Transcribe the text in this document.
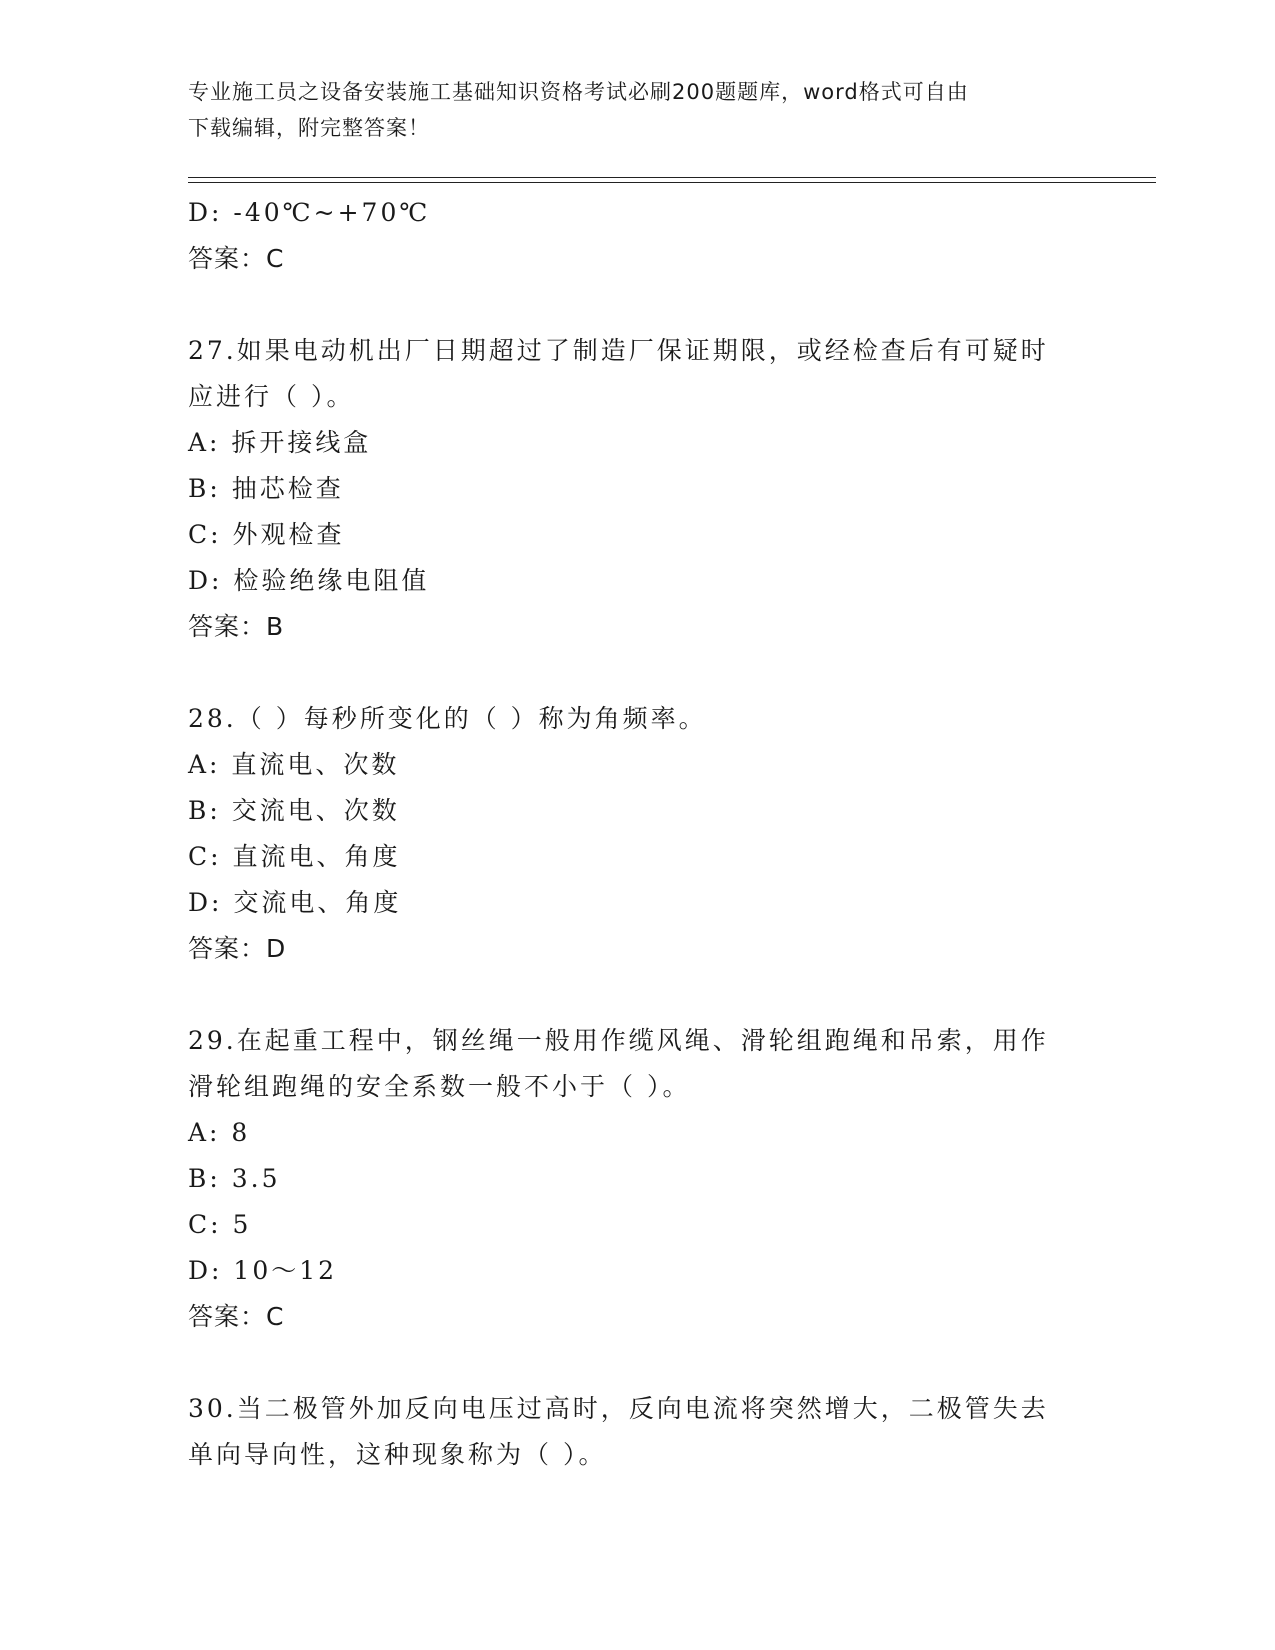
专业施工员之设备安装施工基础知识资格考试必刷200题题库，word格式可自由
下载编辑，附完整答案！
D: -40℃~+70℃
答案：C
27.如果电动机出厂日期超过了制造厂保证期限，或经检查后有可疑时
应进行（ ）。
A: 拆开接线盒
B: 抽芯检查
C: 外观检查
D: 检验绝缘电阻值
答案：B
28.（ ）每秒所变化的（ ）称为角频率。
A: 直流电、次数
B: 交流电、次数
C: 直流电、角度
D: 交流电、角度
答案：D
29.在起重工程中，钢丝绳一般用作缆风绳、滑轮组跑绳和吊索，用作
滑轮组跑绳的安全系数一般不小于（ ）。
A: 8
B: 3.5
C: 5
D: 10～12
答案：C
30.当二极管外加反向电压过高时，反向电流将突然增大，二极管失去
单向导向性，这种现象称为（ ）。
